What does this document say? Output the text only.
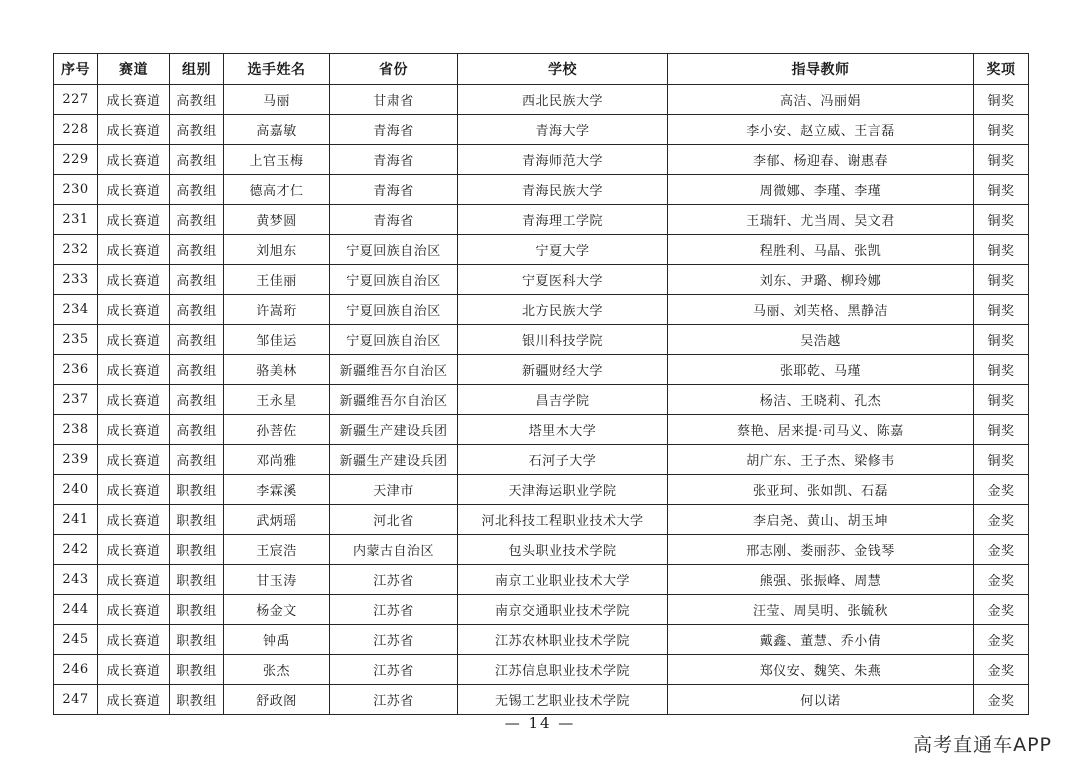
序号	赛道	组别	选手姓名	省份	学校	指导教师	奖项
227	成长赛道	高教组	马丽	甘肃省	西北民族大学	高洁、冯丽娟	铜奖
228	成长赛道	高教组	高嘉敏	青海省	青海大学	李小安、赵立威、王言磊	铜奖
229	成长赛道	高教组	上官玉梅	青海省	青海师范大学	李郁、杨迎春、谢惠春	铜奖
230	成长赛道	高教组	德高才仁	青海省	青海民族大学	周微娜、李瑾、李瑾	铜奖
231	成长赛道	高教组	黄梦圆	青海省	青海理工学院	王瑞轩、尤当周、吴文君	铜奖
232	成长赛道	高教组	刘旭东	宁夏回族自治区	宁夏大学	程胜利、马晶、张凯	铜奖
233	成长赛道	高教组	王佳丽	宁夏回族自治区	宁夏医科大学	刘东、尹璐、柳玲娜	铜奖
234	成长赛道	高教组	许嵩珩	宁夏回族自治区	北方民族大学	马丽、刘芙格、黑静洁	铜奖
235	成长赛道	高教组	邹佳运	宁夏回族自治区	银川科技学院	吴浩越	铜奖
236	成长赛道	高教组	骆美林	新疆维吾尔自治区	新疆财经大学	张耶乾、马瑾	铜奖
237	成长赛道	高教组	王永星	新疆维吾尔自治区	昌吉学院	杨洁、王晓莉、孔杰	铜奖
238	成长赛道	高教组	孙菩佐	新疆生产建设兵团	塔里木大学	蔡艳、居来提·司马义、陈嘉	铜奖
239	成长赛道	高教组	邓尚雅	新疆生产建设兵团	石河子大学	胡广东、王子杰、梁修韦	铜奖
240	成长赛道	职教组	李霖溪	天津市	天津海运职业学院	张亚珂、张如凯、石磊	金奖
241	成长赛道	职教组	武炳瑶	河北省	河北科技工程职业技术大学	李启尧、黄山、胡玉坤	金奖
242	成长赛道	职教组	王宸浩	内蒙古自治区	包头职业技术学院	邢志刚、娄丽莎、金钱琴	金奖
243	成长赛道	职教组	甘玉涛	江苏省	南京工业职业技术大学	熊强、张振峰、周慧	金奖
244	成长赛道	职教组	杨金文	江苏省	南京交通职业技术学院	汪莹、周昊明、张毓秋	金奖
245	成长赛道	职教组	钟禹	江苏省	江苏农林职业技术学院	戴鑫、董慧、乔小倩	金奖
246	成长赛道	职教组	张杰	江苏省	江苏信息职业技术学院	郑仪安、魏笑、朱燕	金奖
247	成长赛道	职教组	舒政阁	江苏省	无锡工艺职业技术学院	何以诺	金奖
— 14 —
高考直通车APP
